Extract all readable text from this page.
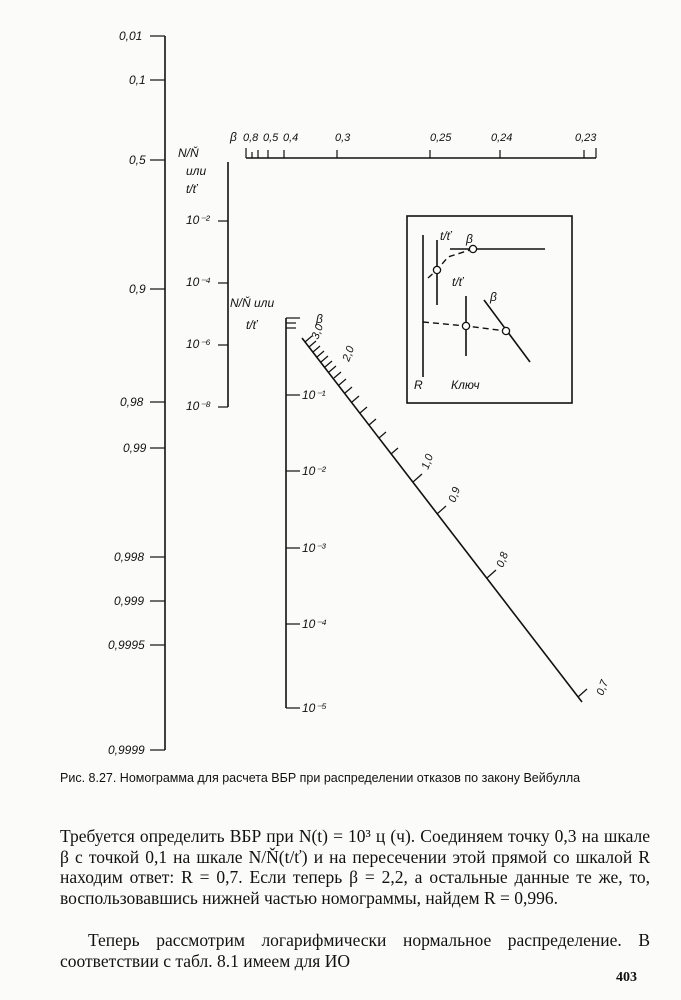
0,01
0,1
0,5
0,9
0,98
0,99
0,998
0,999
0,9995
0,9999
N/Ň
или
t/ť
10⁻²
10⁻⁴
10⁻⁶
10⁻⁸
β 0,8 0,5 0,4	0,3	0,25	0,24	0,23
N/Ň или
t/ť
10⁻¹
10⁻²
10⁻³
10⁻⁴
10⁻⁵
β
3,0
2,0
1,0
0,9
0,8
0,7
t/ť β
t/ť
β
R Ключ
Рис. 8.27. Номограмма для расчета ВБР при распределении отказов по закону Вейбулла
Требуется определить ВБР при N(t) = 10³ ц (ч). Соединяем точку 0,3 на шкале β с точкой 0,1 на шкале N/Ň(t/ť) и на пересечении этой прямой со шкалой R находим ответ: R = 0,7. Если теперь β = 2,2, а остальные данные те же, то, воспользовавшись нижней частью номограммы, найдем R = 0,996.
Теперь рассмотрим логарифмически нормальное распределение. В соответствии с табл. 8.1 имеем для ИО
403
